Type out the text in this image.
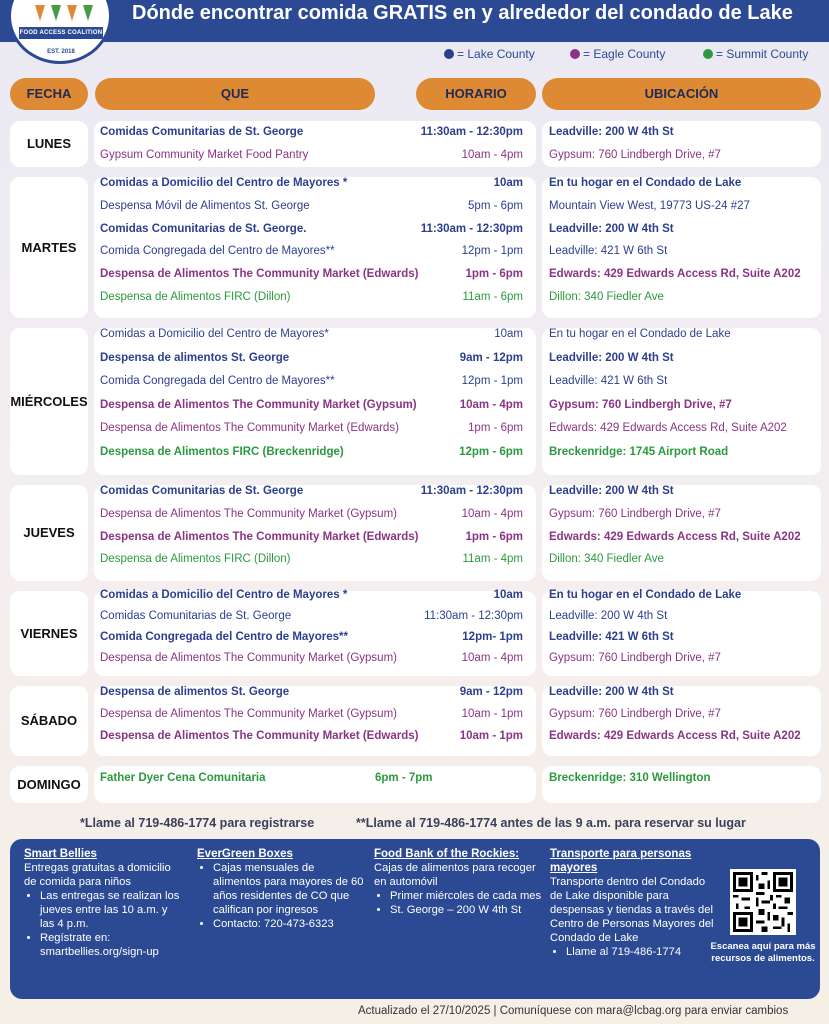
FOOD ACCESS COALITION
EST. 2018
Dónde encontrar comida GRATIS en y alrededor del condado de Lake
= Lake County	= Eagle County	= Summit County
FECHA	QUE	HORARIO	UBICACIÓN
LUNES
Comidas Comunitarias de St. George	11:30am - 12:30pm Leadville: 200 W 4th St
Gypsum Community Market Food Pantry	10am - 4pm Gypsum: 760 Lindbergh Drive, #7
MARTES
Comidas a Domicilio del Centro de Mayores *	10am En tu hogar en el Condado de Lake
Despensa Móvil de Alimentos St. George	5pm - 6pm Mountain View West, 19773 US-24 #27
Comidas Comunitarias de St. George.	11:30am - 12:30pm Leadville: 200 W 4th St
Comida Congregada del Centro de Mayores**	12pm - 1pm Leadville: 421 W 6th St
Despensa de Alimentos The Community Market (Edwards)	1pm - 6pm Edwards: 429 Edwards Access Rd, Suite A202
Despensa de Alimentos FIRC (Dillon)	11am - 6pm Dillon: 340 Fiedler Ave
MIÉRCOLES
Comidas a Domicilio del Centro de Mayores*	10am En tu hogar en el Condado de Lake
Despensa de alimentos St. George	9am - 12pm Leadville: 200 W 4th St
Comida Congregada del Centro de Mayores**	12pm - 1pm Leadville: 421 W 6th St
Despensa de Alimentos The Community Market (Gypsum)	10am - 4pm Gypsum: 760 Lindbergh Drive, #7
Despensa de Alimentos The Community Market (Edwards)	1pm - 6pm Edwards: 429 Edwards Access Rd, Suite A202
Despensa de Alimentos FIRC (Breckenridge)	12pm - 6pm Breckenridge: 1745 Airport Road
JUEVES
Comidas Comunitarias de St. George	11:30am - 12:30pm Leadville: 200 W 4th St
Despensa de Alimentos The Community Market (Gypsum)	10am - 4pm Gypsum: 760 Lindbergh Drive, #7
Despensa de Alimentos The Community Market (Edwards)	1pm - 6pm Edwards: 429 Edwards Access Rd, Suite A202
Despensa de Alimentos FIRC (Dillon)	11am - 4pm Dillon: 340 Fiedler Ave
VIERNES
Comidas a Domicilio del Centro de Mayores *	10am En tu hogar en el Condado de Lake
Comidas Comunitarias de St. George	11:30am - 12:30pm Leadville: 200 W 4th St
Comida Congregada del Centro de Mayores**	12pm- 1pm Leadville: 421 W 6th St
Despensa de Alimentos The Community Market (Gypsum)	10am - 4pm Gypsum: 760 Lindbergh Drive, #7
SÁBADO
Despensa de alimentos St. George	9am - 12pm Leadville: 200 W 4th St
Despensa de Alimentos The Community Market (Gypsum)	10am - 1pm Gypsum: 760 Lindbergh Drive, #7
Despensa de Alimentos The Community Market (Edwards)	10am - 1pm Edwards: 429 Edwards Access Rd, Suite A202
DOMINGO	Father Dyer Cena Comunitaria	6pm - 7pm	Breckenridge: 310 Wellington
*Llame al 719-486-1774 para registrarse	**Llame al 719-486-1774 antes de las 9 a.m. para reservar su lugar
Smart Bellies
Entregas gratuitas a domicilio de comida para niños
• Las entregas se realizan los jueves entre las 10 a.m. y las 4 p.m.
• Regístrate en: smartbellies.org/sign-up
EverGreen Boxes
• Cajas mensuales de alimentos para mayores de 60 años residentes de CO que califican por ingresos
• Contacto: 720-473-6323
Food Bank of the Rockies:
Cajas de alimentos para recoger en automóvil
• Primer miércoles de cada mes
• St. George – 200 W 4th St
Transporte para personas mayores
Transporte dentro del Condado de Lake disponible para despensas y tiendas a través del Centro de Personas Mayores del Condado de Lake
• Llame al 719-486-1774	Escanea aquí para más recursos de alimentos.
Actualizado el 27/10/2025 | Comuníquese con mara@lcbag.org para enviar cambios
